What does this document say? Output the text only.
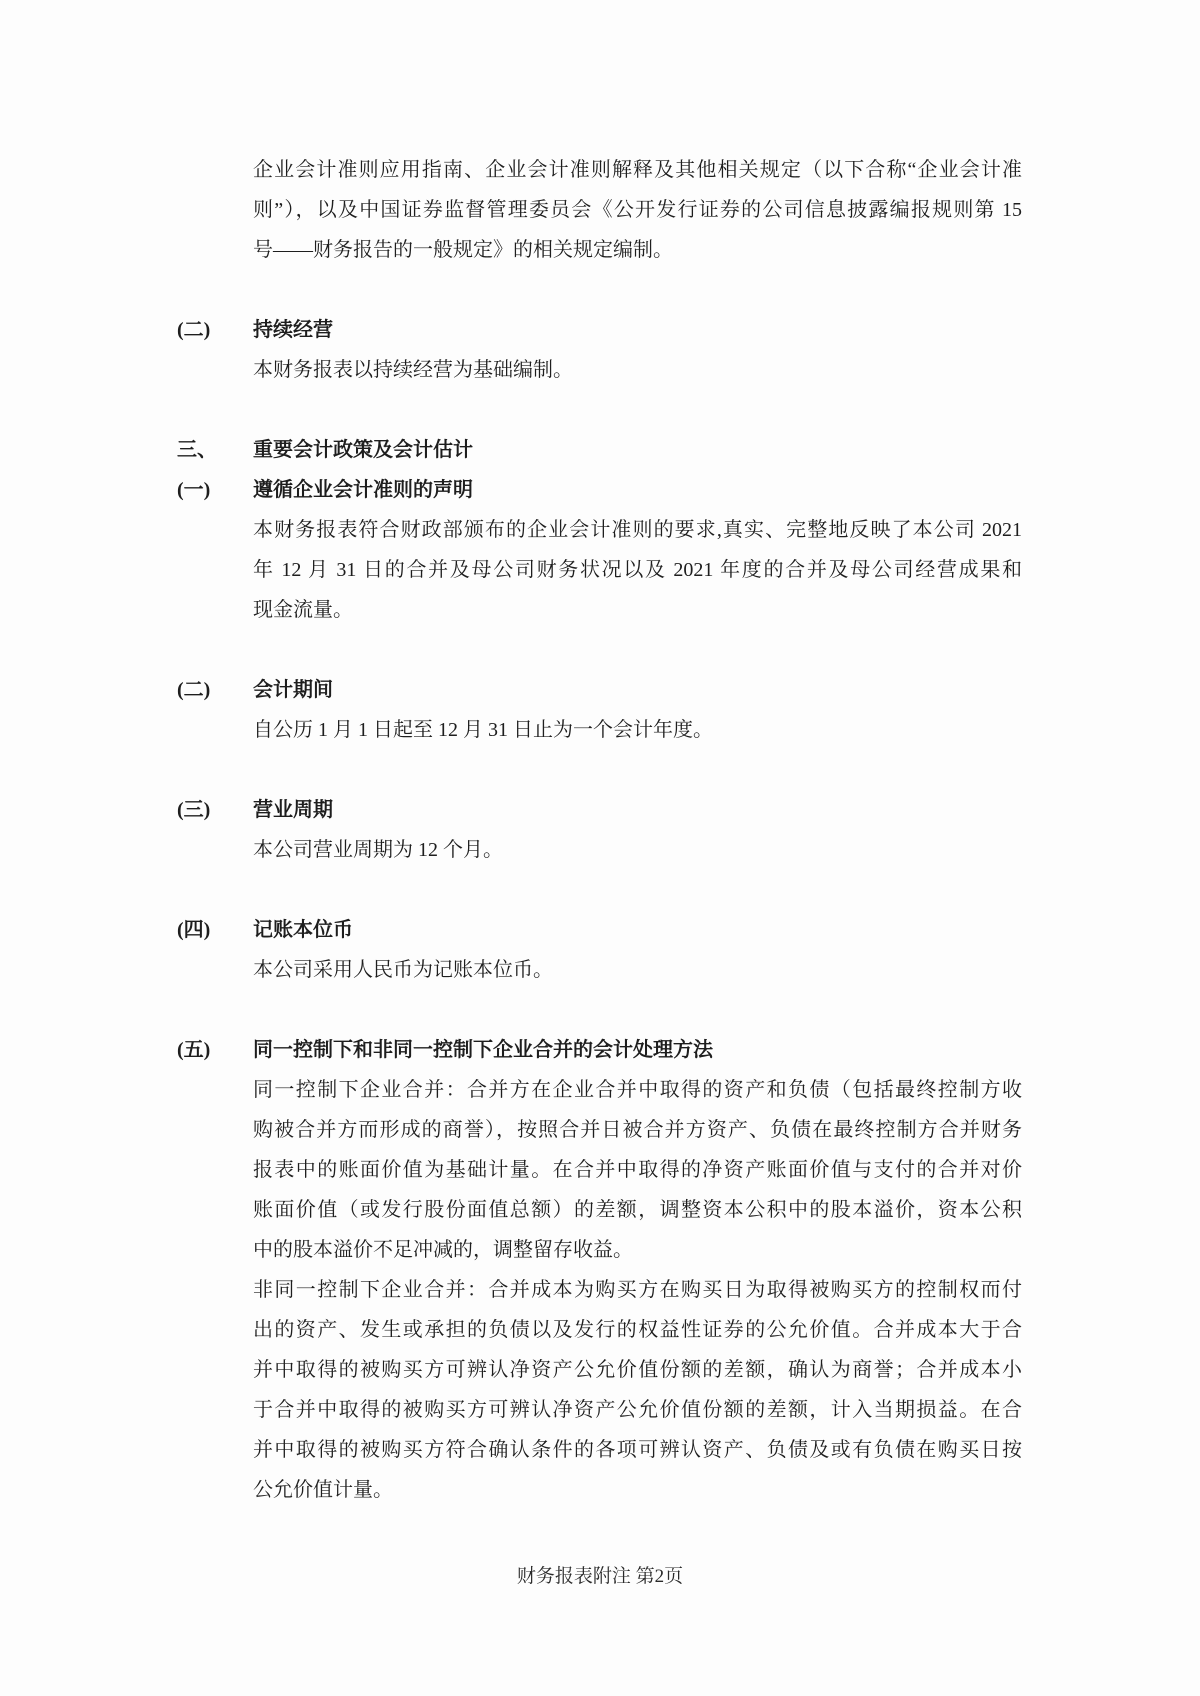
企业会计准则应用指南、企业会计准则解释及其他相关规定（以下合称“企业会计准
则”），以及中国证券监督管理委员会《公开发行证券的公司信息披露编报规则第 15
号——财务报告的一般规定》的相关规定编制。
(二)	持续经营
本财务报表以持续经营为基础编制。
三、	重要会计政策及会计估计
(一)	遵循企业会计准则的声明
本财务报表符合财政部颁布的企业会计准则的要求,真实、完整地反映了本公司 2021
年 12 月 31 日的合并及母公司财务状况以及 2021 年度的合并及母公司经营成果和
现金流量。
(二)	会计期间
自公历 1 月 1 日起至 12 月 31 日止为一个会计年度。
(三)	营业周期
本公司营业周期为 12 个月。
(四)	记账本位币
本公司采用人民币为记账本位币。
(五)	同一控制下和非同一控制下企业合并的会计处理方法
同一控制下企业合并：合并方在企业合并中取得的资产和负债（包括最终控制方收
购被合并方而形成的商誉），按照合并日被合并方资产、负债在最终控制方合并财务
报表中的账面价值为基础计量。在合并中取得的净资产账面价值与支付的合并对价
账面价值（或发行股份面值总额）的差额，调整资本公积中的股本溢价，资本公积
中的股本溢价不足冲减的，调整留存收益。
非同一控制下企业合并：合并成本为购买方在购买日为取得被购买方的控制权而付
出的资产、发生或承担的负债以及发行的权益性证券的公允价值。合并成本大于合
并中取得的被购买方可辨认净资产公允价值份额的差额，确认为商誉；合并成本小
于合并中取得的被购买方可辨认净资产公允价值份额的差额，计入当期损益。在合
并中取得的被购买方符合确认条件的各项可辨认资产、负债及或有负债在购买日按
公允价值计量。
财务报表附注 第2页
